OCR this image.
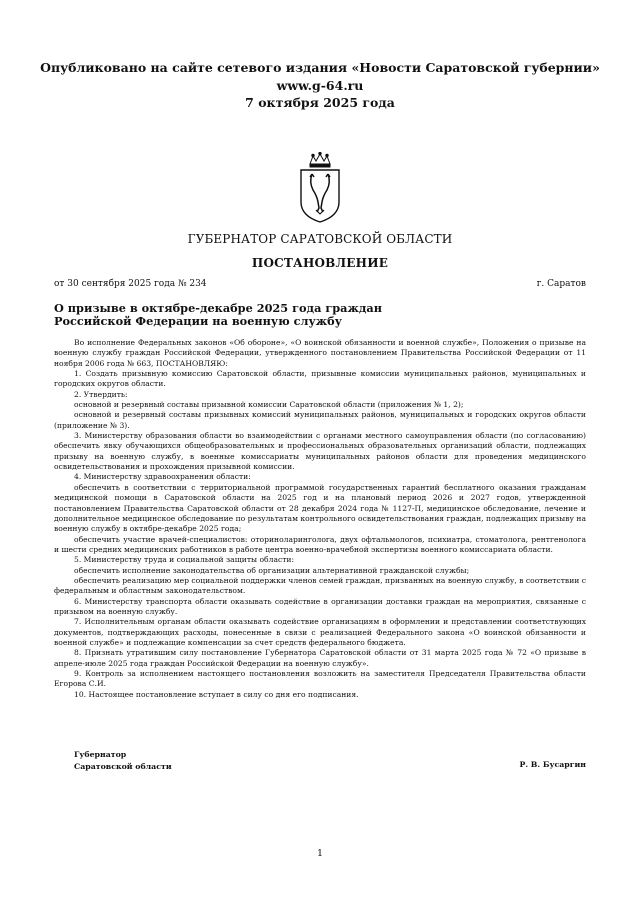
Опубликовано на сайте сетевого издания «Новости Саратовской губернии»
www.g-64.ru
7 октября 2025 года
ГУБЕРНАТОР САРАТОВСКОЙ ОБЛАСТИ
ПОСТАНОВЛЕНИЕ
от 30 сентября 2025 года № 234	г. Саратов
О призыве в октябре-декабре 2025 года граждан
Российской Федерации на военную службу

Во исполнение Федеральных законов «Об обороне», «О воинской обязанности и военной службе», Положения о призыве на военную службу граждан Российской Федерации, утвержденного постановлением Правительства Российской Федерации от 11 ноября 2006 года № 663, ПОСТАНОВЛЯЮ:

1. Создать призывную комиссию Саратовской области, призывные комиссии муниципальных районов, муниципальных и городских округов области.

2. Утвердить:

основной и резервный составы призывной комиссии Саратовской области (приложения № 1, 2);

основной и резервный составы призывных комиссий муниципальных районов, муниципальных и городских округов области (приложение № 3).

3. Министерству образования области во взаимодействии с органами местного самоуправления области (по согласованию) обеспечить явку обучающихся общеобразовательных и профессиональных образовательных организаций области, подлежащих призыву на военную службу, в военные комиссариаты муниципальных районов области для проведения медицинского освидетельствования и прохождения призывной комиссии.

4. Министерству здравоохранения области:

обеспечить в соответствии с территориальной программой государственных гарантий бесплатного оказания гражданам медицинской помощи в Саратовской области на 2025 год и на плановый период 2026 и 2027 годов, утвержденной постановлением Правительства Саратовской области от 28 декабря 2024 года № 1127-П, медицинское обследование, лечение и дополнительное медицинское обследование по результатам контрольного освидетельствования граждан, подлежащих призыву на военную службу в октябре-декабре 2025 года;

обеспечить участие врачей-специалистов: оториноларинголога, двух офтальмологов, психиатра, стоматолога, рентгенолога и шести средних медицинских работников в работе центра военно-врачебной экспертизы военного комиссариата области.

5. Министерству труда и социальной защиты области:

обеспечить исполнение законодательства об организации альтернативной гражданской службы;

обеспечить реализацию мер социальной поддержки членов семей граждан, призванных на военную службу, в соответствии с федеральным и областным законодательством.

6. Министерству транспорта области оказывать содействие в организации доставки граждан на мероприятия, связанные с призывом на военную службу.

7. Исполнительным органам области оказывать содействие организациям в оформлении и представлении соответствующих документов, подтверждающих расходы, понесенные в связи с реализацией Федерального закона «О воинской обязанности и военной службе» и подлежащие компенсации за счет средств федерального бюджета.

8. Признать утратившим силу постановление Губернатора Саратовской области от 31 марта 2025 года № 72 «О призыве в апреле-июле 2025 года граждан Российской Федерации на военную службу».

9. Контроль за исполнением настоящего постановления возложить на заместителя Председателя Правительства области Егорова С.И.

10. Настоящее постановление вступает в силу со дня его подписания.

Губернатор
Саратовской области	Р. В. Бусаргин
1
